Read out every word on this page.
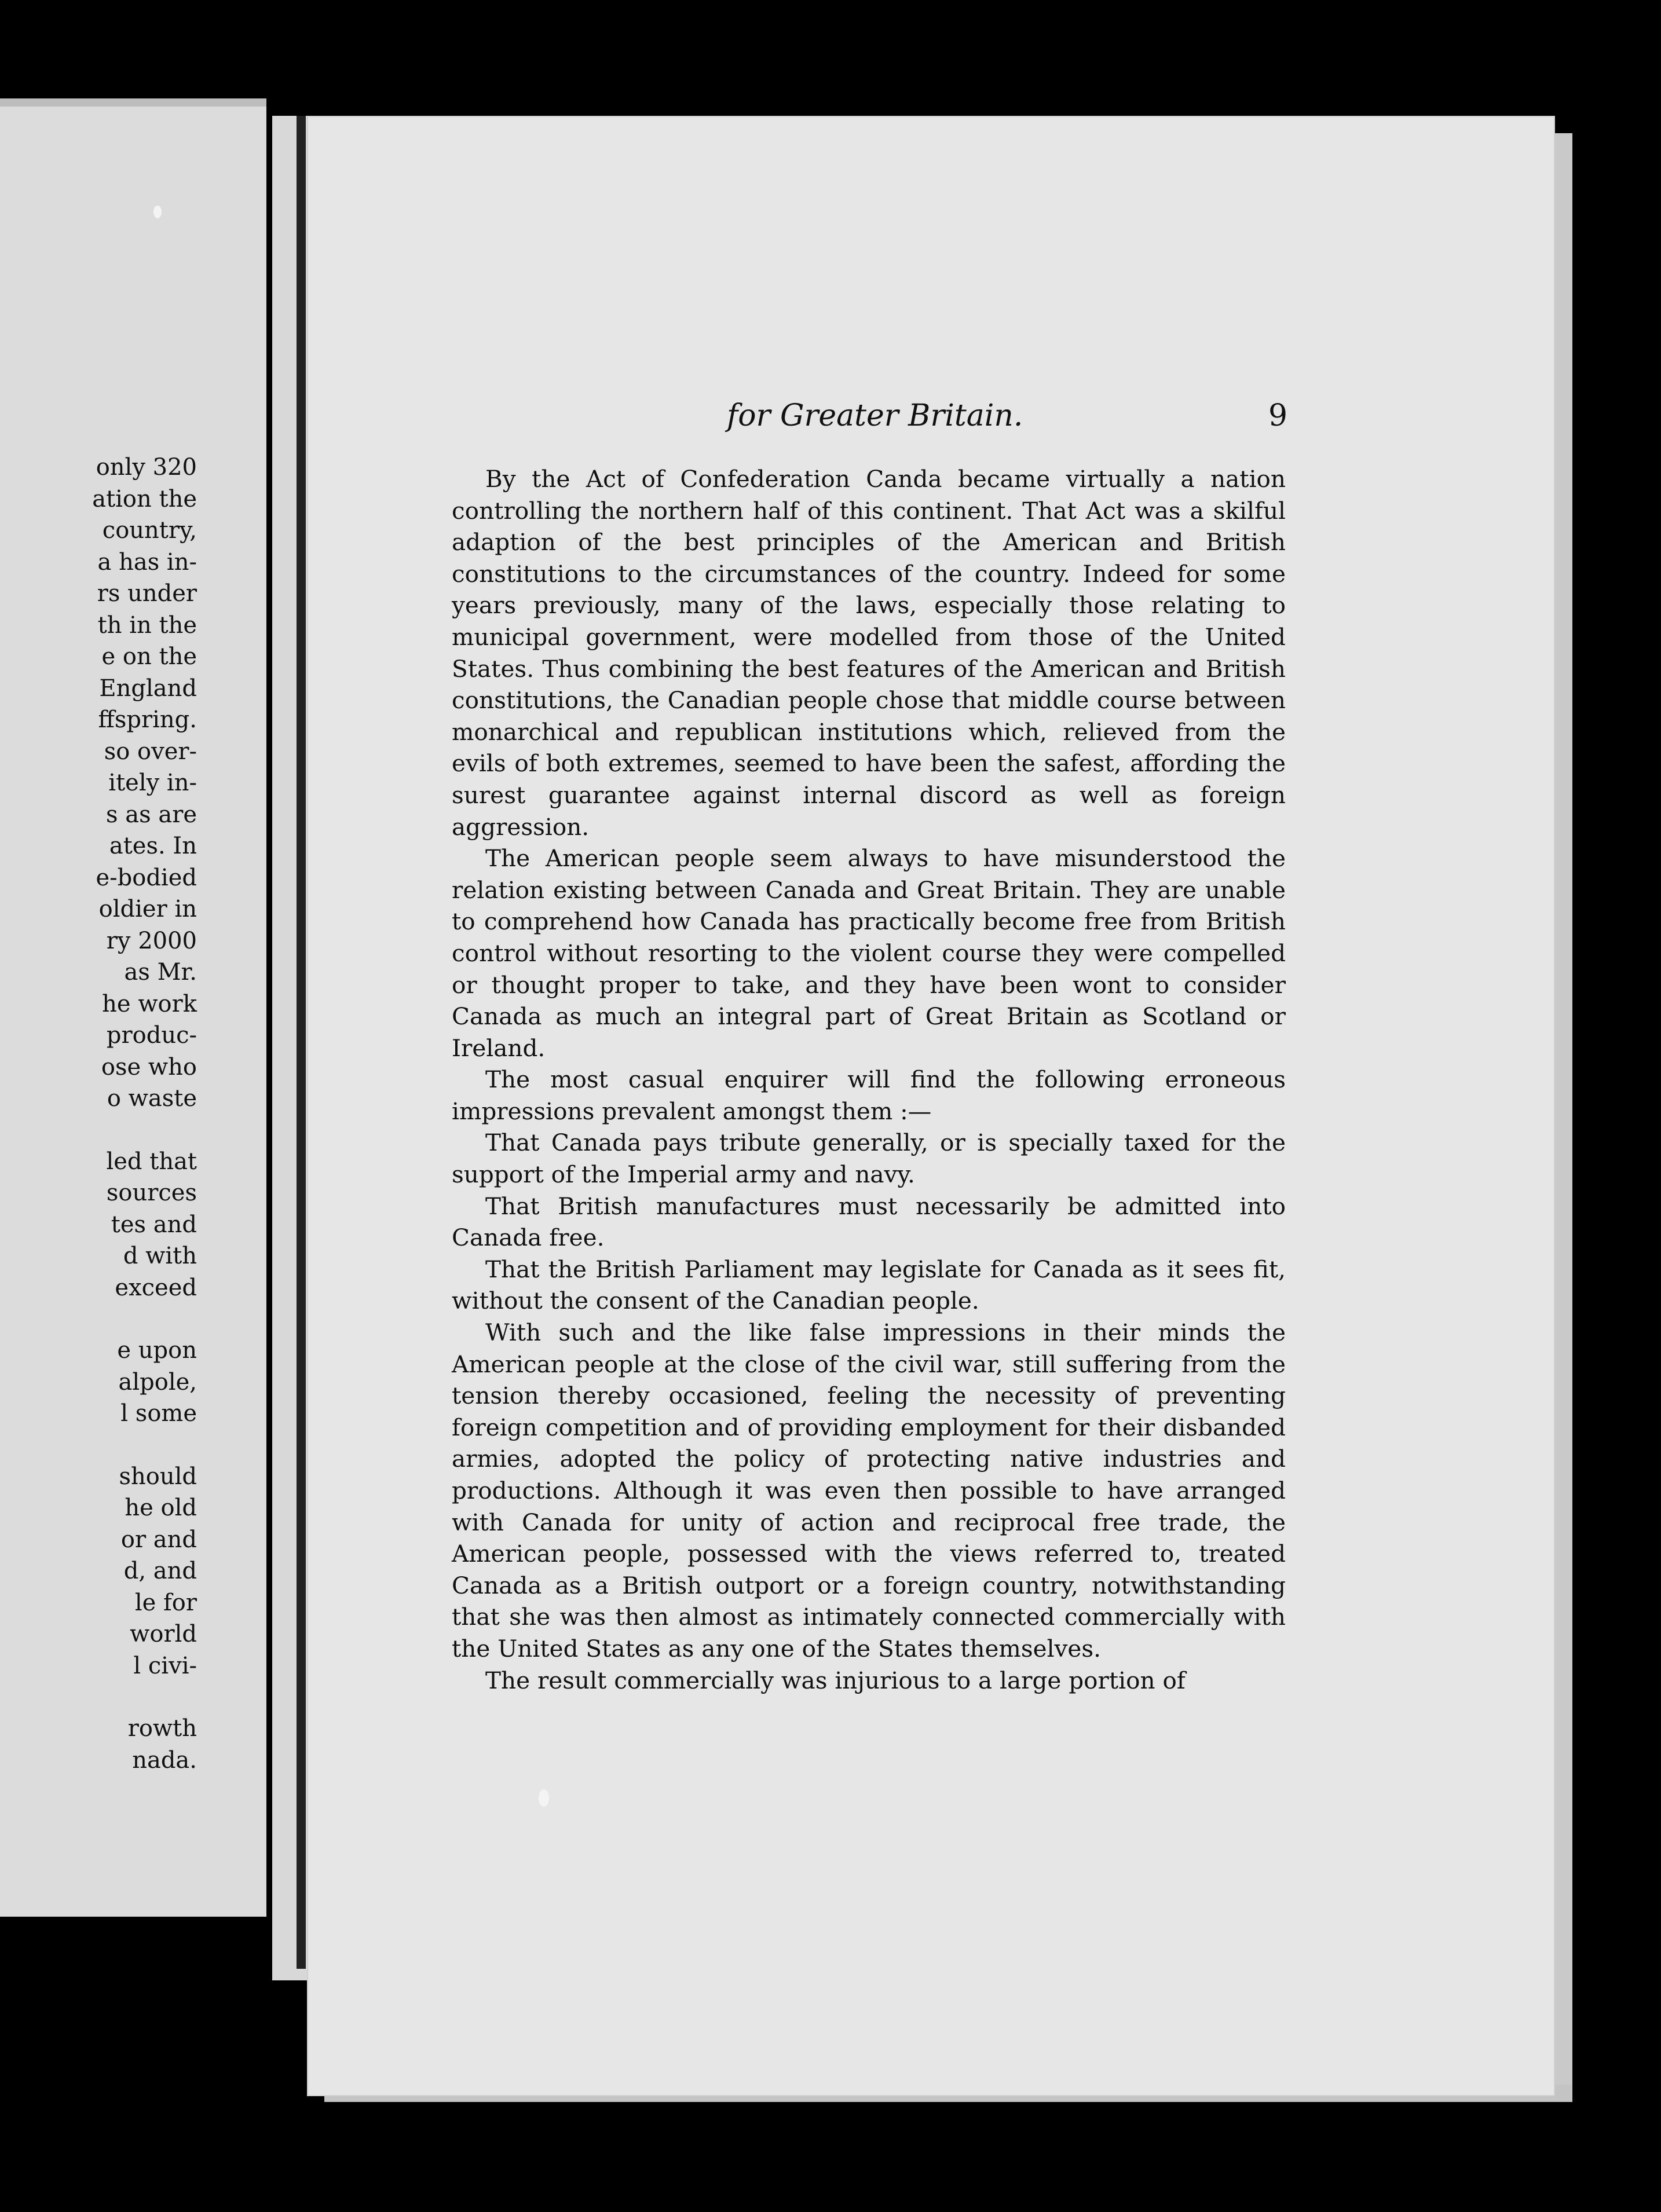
only 320
ation the
country,
a has in-
rs under
th in the
e on the
England
ffspring.
so over-
itely in-
s as are
ates. In
e-bodied
oldier in
ry 2000
as Mr.
he work
produc-
ose who
o waste
led that
sources
tes and
d with
exceed
e upon
alpole,
l some
should
he old
or and
d, and
le for
world
l civi-
rowth
nada.
for Greater Britain.	9

By the Act of Confederation Canda became virtually a nation controlling the northern half of this continent. That Act was a skilful adaption of the best principles of the American and British constitutions to the circumstances of the country. Indeed for some years previously, many of the laws, especially those relating to municipal government, were modelled from those of the United States. Thus combining the best features of the American and British constitutions, the Canadian people chose that middle course between monarchical and republican institutions which, relieved from the evils of both extremes, seemed to have been the safest, affording the surest guarantee against internal discord as well as foreign aggression.

The American people seem always to have misunderstood the relation existing between Canada and Great Britain. They are unable to comprehend how Canada has practically become free from British control without resorting to the violent course they were compelled or thought proper to take, and they have been wont to consider Canada as much an integral part of Great Britain as Scotland or Ireland.

The most casual enquirer will find the following erroneous impressions prevalent amongst them :—

That Canada pays tribute generally, or is specially taxed for the support of the Imperial army and navy.

That British manufactures must necessarily be admitted into Canada free.

That the British Parliament may legislate for Canada as it sees fit, without the consent of the Canadian people.

With such and the like false impressions in their minds the American people at the close of the civil war, still suffering from the tension thereby occasioned, feeling the necessity of preventing foreign competition and of providing employment for their disbanded armies, adopted the policy of protecting native industries and productions. Although it was even then possible to have arranged with Canada for unity of action and reciprocal free trade, the American people, possessed with the views referred to, treated Canada as a British outport or a foreign country, notwithstanding that she was then almost as intimately connected commercially with the United States as any one of the States themselves.

The result commercially was injurious to a large portion of
